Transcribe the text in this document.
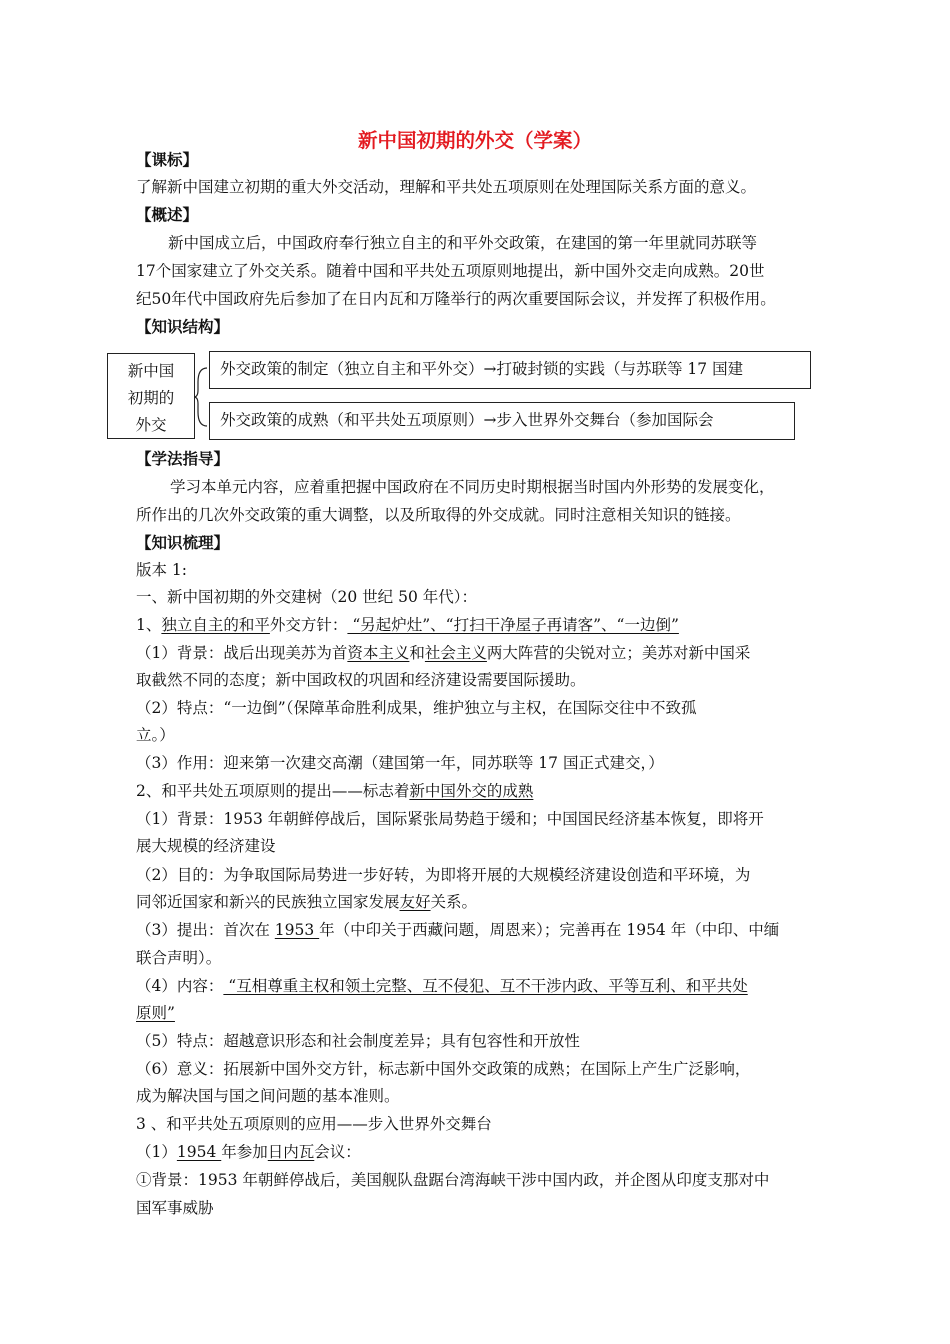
新中国初期的外交（学案）
【课标】
了解新中国建立初期的重大外交活动，理解和平共处五项原则在处理国际关系方面的意义。
【概述】
新中国成立后，中国政府奉行独立自主的和平外交政策，在建国的第一年里就同苏联等
17个国家建立了外交关系。随着中国和平共处五项原则地提出，新中国外交走向成熟。20世
纪50年代中国政府先后参加了在日内瓦和万隆举行的两次重要国际会议，并发挥了积极作用。
【知识结构】
新中国
初期的
外交
外交政策的制定（独立自主和平外交）→打破封锁的实践（与苏联等 17 国建
外交政策的成熟（和平共处五项原则）→步入世界外交舞台（参加国际会
【学法指导】
学习本单元内容，应着重把握中国政府在不同历史时期根据当时国内外形势的发展变化，
所作出的几次外交政策的重大调整，以及所取得的外交成就。同时注意相关知识的链接。
【知识梳理】
版本 1:
一、新中国初期的外交建树（20 世纪 50 年代）：
1、独立自主的和平外交方针： “另起炉灶”、“打扫干净屋子再请客”、“一边倒”
（1）背景：战后出现美苏为首资本主义和社会主义两大阵营的尖锐对立；美苏对新中国采
取截然不同的态度；新中国政权的巩固和经济建设需要国际援助。
（2）特点：“一边倒”（保障革命胜利成果，维护独立与主权，在国际交往中不致孤
立。）
（3）作用：迎来第一次建交高潮（建国第一年，同苏联等 17 国正式建交，）
2、和平共处五项原则的提出——标志着新中国外交的成熟
（1）背景：1953 年朝鲜停战后，国际紧张局势趋于缓和；中国国民经济基本恢复，即将开
展大规模的经济建设
（2）目的：为争取国际局势进一步好转，为即将开展的大规模经济建设创造和平环境，为
同邻近国家和新兴的民族独立国家发展友好关系。
（3）提出：首次在 1953 年（中印关于西藏问题，周恩来）；完善再在 1954 年（中印、中缅
联合声明）。
（4）内容： “互相尊重主权和领土完整、互不侵犯、互不干涉内政、平等互利、和平共处
原则”
（5）特点：超越意识形态和社会制度差异；具有包容性和开放性
（6）意义：拓展新中国外交方针，标志新中国外交政策的成熟；在国际上产生广泛影响，
成为解决国与国之间问题的基本准则。
3 、和平共处五项原则的应用——步入世界外交舞台
（1）1954 年参加日内瓦会议：
①背景：1953 年朝鲜停战后，美国舰队盘踞台湾海峡干涉中国内政，并企图从印度支那对中
国军事威胁
